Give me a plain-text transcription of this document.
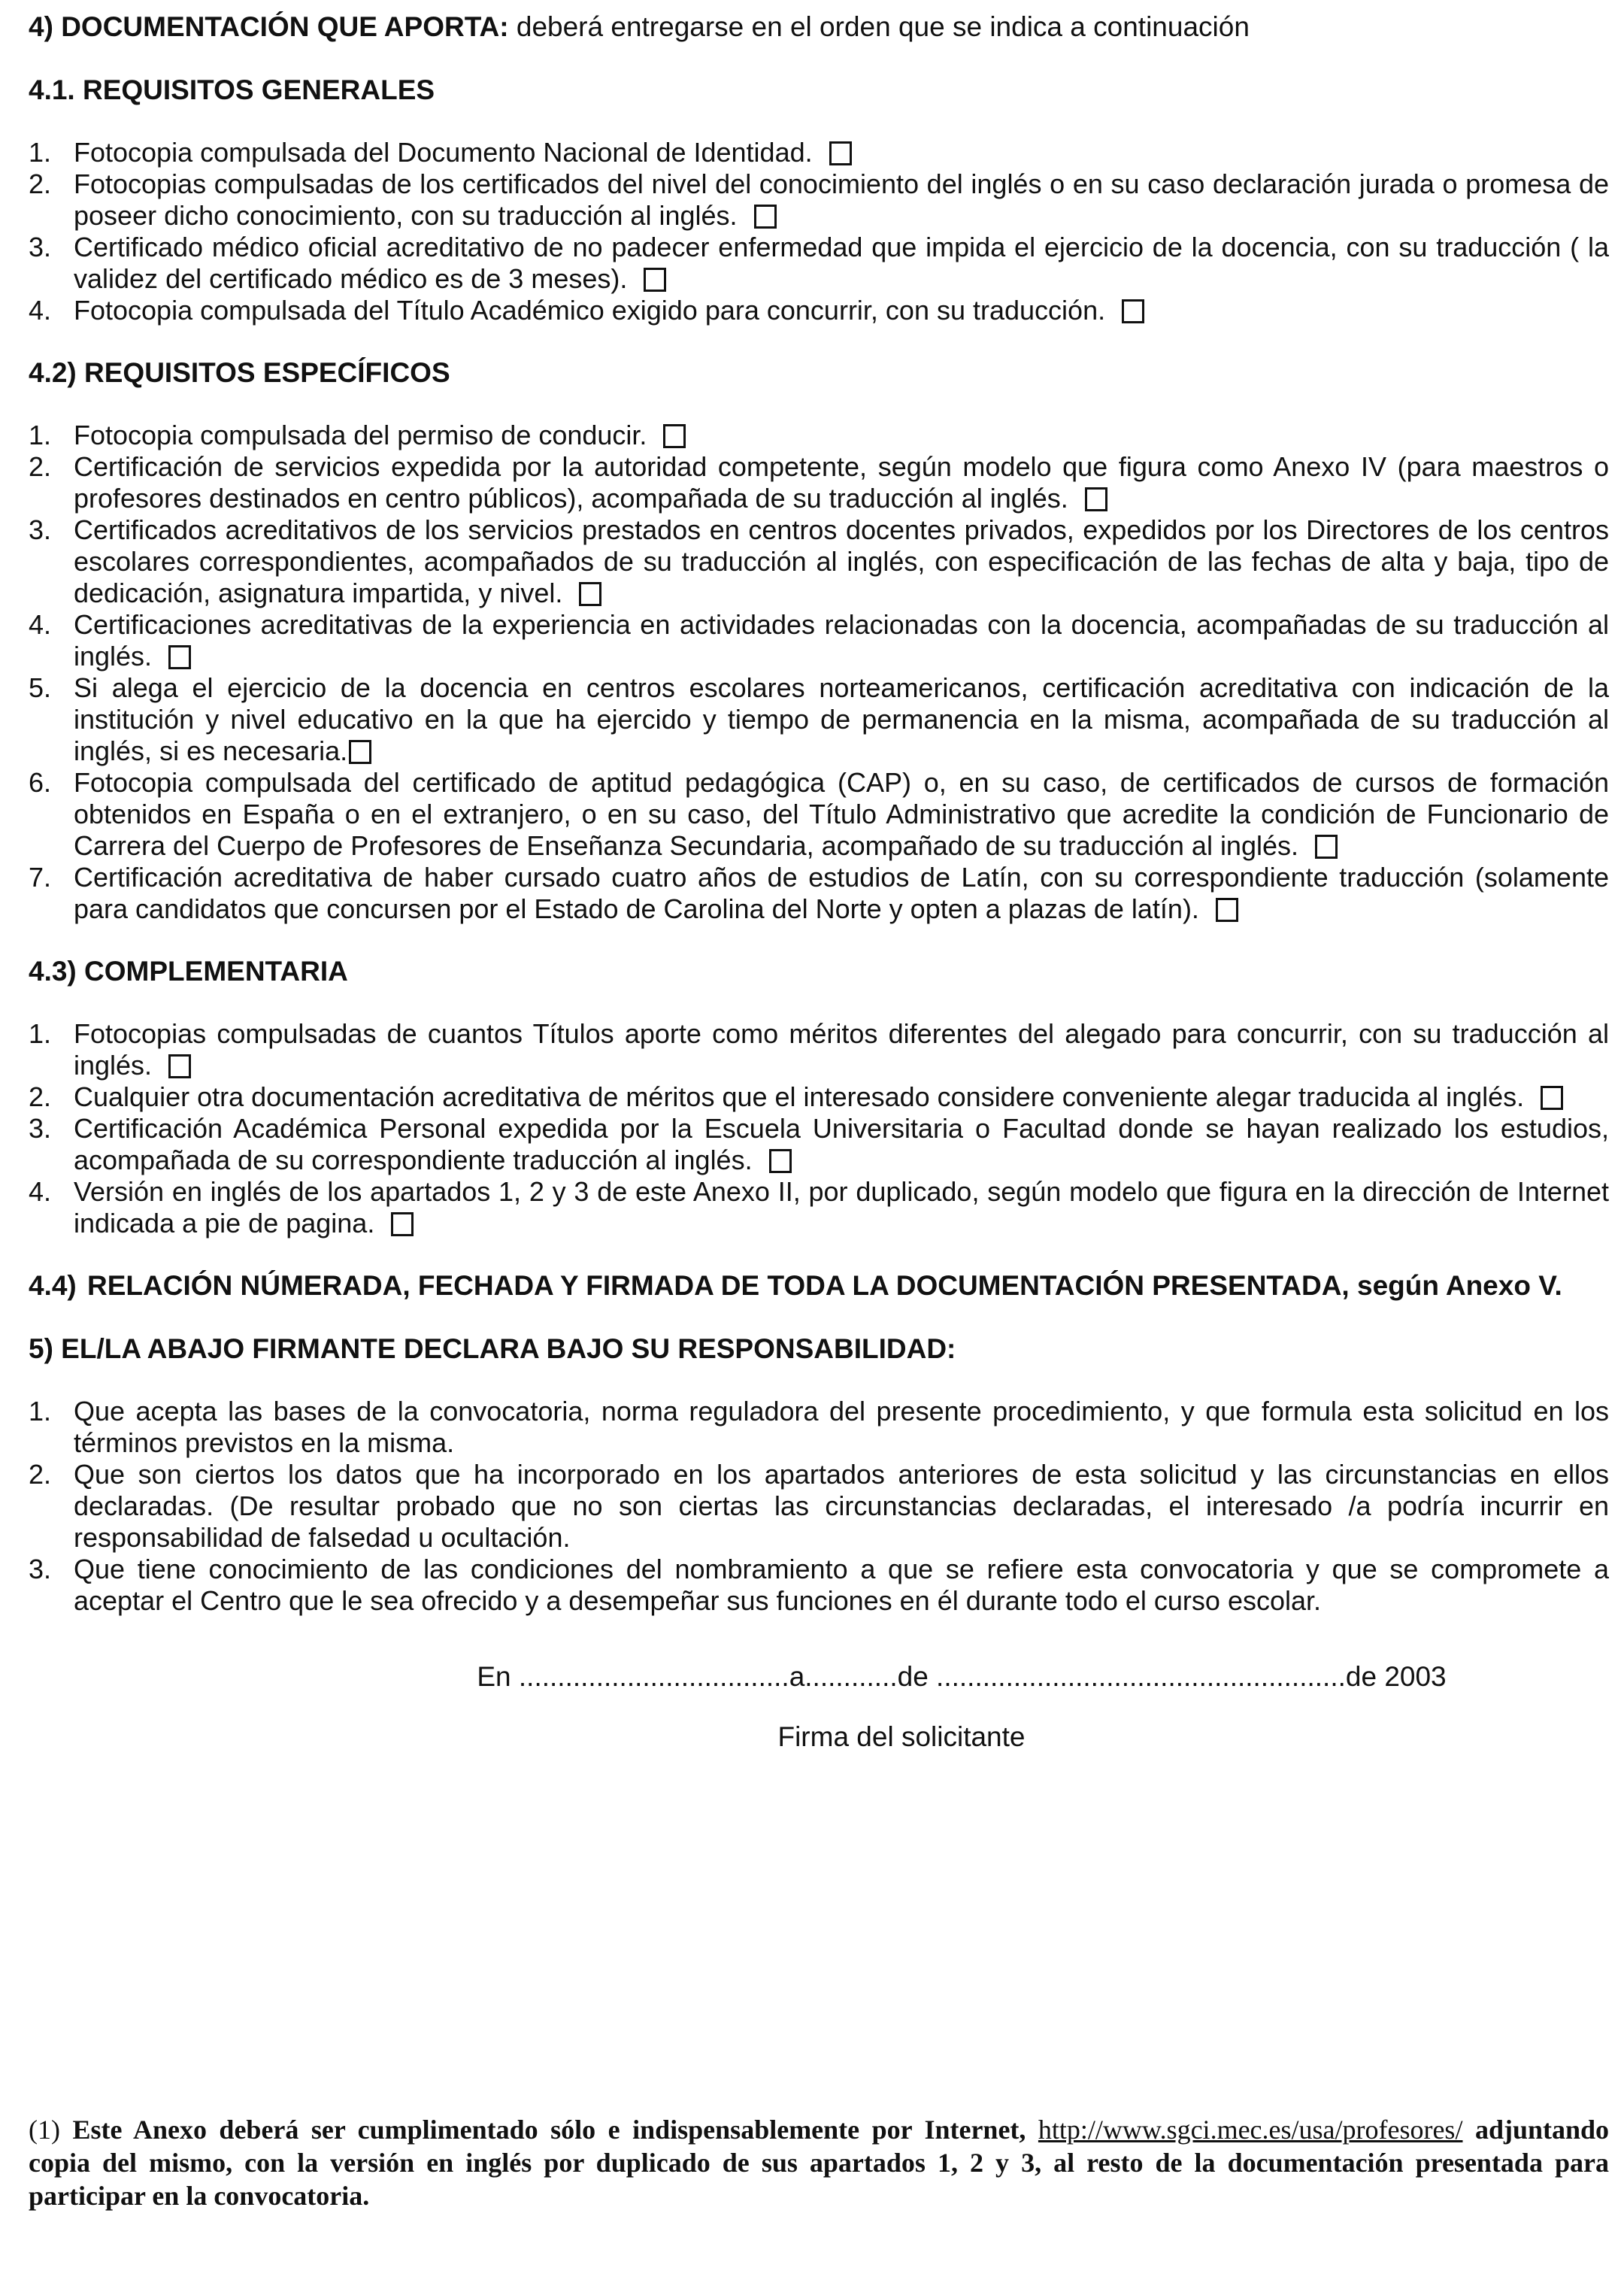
4) DOCUMENTACIÓN QUE APORTA: deberá entregarse en el orden que se indica a continuación
4.1. REQUISITOS GENERALES
1. Fotocopia compulsada del Documento Nacional de Identidad.
2. Fotocopias compulsadas de los certificados del nivel del conocimiento del inglés o en su caso declaración jurada o promesa de poseer dicho conocimiento, con su traducción al inglés.
3. Certificado médico oficial acreditativo de no padecer enfermedad que impida el ejercicio de la docencia, con su traducción ( la validez del certificado médico es de 3 meses).
4. Fotocopia compulsada del Título Académico exigido para concurrir, con su traducción.
4.2) REQUISITOS ESPECÍFICOS
1. Fotocopia compulsada del permiso de conducir.
2. Certificación de servicios expedida por la autoridad competente, según modelo que figura como Anexo IV (para maestros o profesores destinados en centro públicos), acompañada de su traducción al inglés.
3. Certificados acreditativos de los servicios prestados en centros docentes privados, expedidos por los Directores de los centros escolares correspondientes, acompañados de su traducción al inglés, con especificación de las fechas de alta y baja, tipo de dedicación, asignatura impartida, y nivel.
4. Certificaciones acreditativas de la experiencia en actividades relacionadas con la docencia, acompañadas de su traducción al inglés.
5. Si alega el ejercicio de la docencia en centros escolares norteamericanos, certificación acreditativa con indicación de la institución y nivel educativo en la que ha ejercido y tiempo de permanencia en la misma, acompañada de su traducción al inglés, si es necesaria.
6. Fotocopia compulsada del certificado de aptitud pedagógica (CAP) o, en su caso, de certificados de cursos de formación obtenidos en España o en el extranjero, o en su caso, del Título Administrativo que acredite la condición de Funcionario de Carrera del Cuerpo de Profesores de Enseñanza Secundaria, acompañado de su traducción al inglés.
7. Certificación acreditativa de haber cursado cuatro años de estudios de Latín, con su correspondiente traducción (solamente para candidatos que concursen por el Estado de Carolina del Norte y opten a plazas de latín).
4.3) COMPLEMENTARIA
1. Fotocopias compulsadas de cuantos Títulos aporte como méritos diferentes del alegado para concurrir, con su traducción al inglés.
2. Cualquier otra documentación acreditativa de méritos que el interesado considere conveniente alegar traducida al inglés.
3. Certificación Académica Personal expedida por la Escuela Universitaria o Facultad donde se hayan realizado los estudios, acompañada de su correspondiente traducción al inglés.
4. Versión en inglés de los apartados 1, 2 y 3 de este Anexo II, por duplicado, según modelo que figura en la dirección de Internet indicada a pie de pagina.
4.4) RELACIÓN NÚMERADA, FECHADA Y FIRMADA DE TODA LA DOCUMENTACIÓN PRESENTADA, según Anexo V.
5) EL/LA ABAJO FIRMANTE DECLARA BAJO SU RESPONSABILIDAD:
1. Que acepta las bases de la convocatoria, norma reguladora del presente procedimiento, y que formula esta solicitud en los términos previstos en la misma.
2. Que son ciertos los datos que ha incorporado en los apartados anteriores de esta solicitud y las circunstancias en ellos declaradas. (De resultar probado que no son ciertas las circunstancias declaradas, el interesado /a podría incurrir en responsabilidad de falsedad u ocultación.
3. Que tiene conocimiento de las condiciones del nombramiento a que se refiere esta convocatoria y que se compromete a aceptar el Centro que le sea ofrecido y a desempeñar sus funciones en él durante todo el curso escolar.
En ...................................a............de .....................................................de 2003
Firma del solicitante
(1) Este Anexo deberá ser cumplimentado sólo e indispensablemente por Internet, http://www.sgci.mec.es/usa/profesores/ adjuntando copia del mismo, con la versión en inglés por duplicado de sus apartados 1, 2 y 3, al resto de la documentación presentada para participar en la convocatoria.
